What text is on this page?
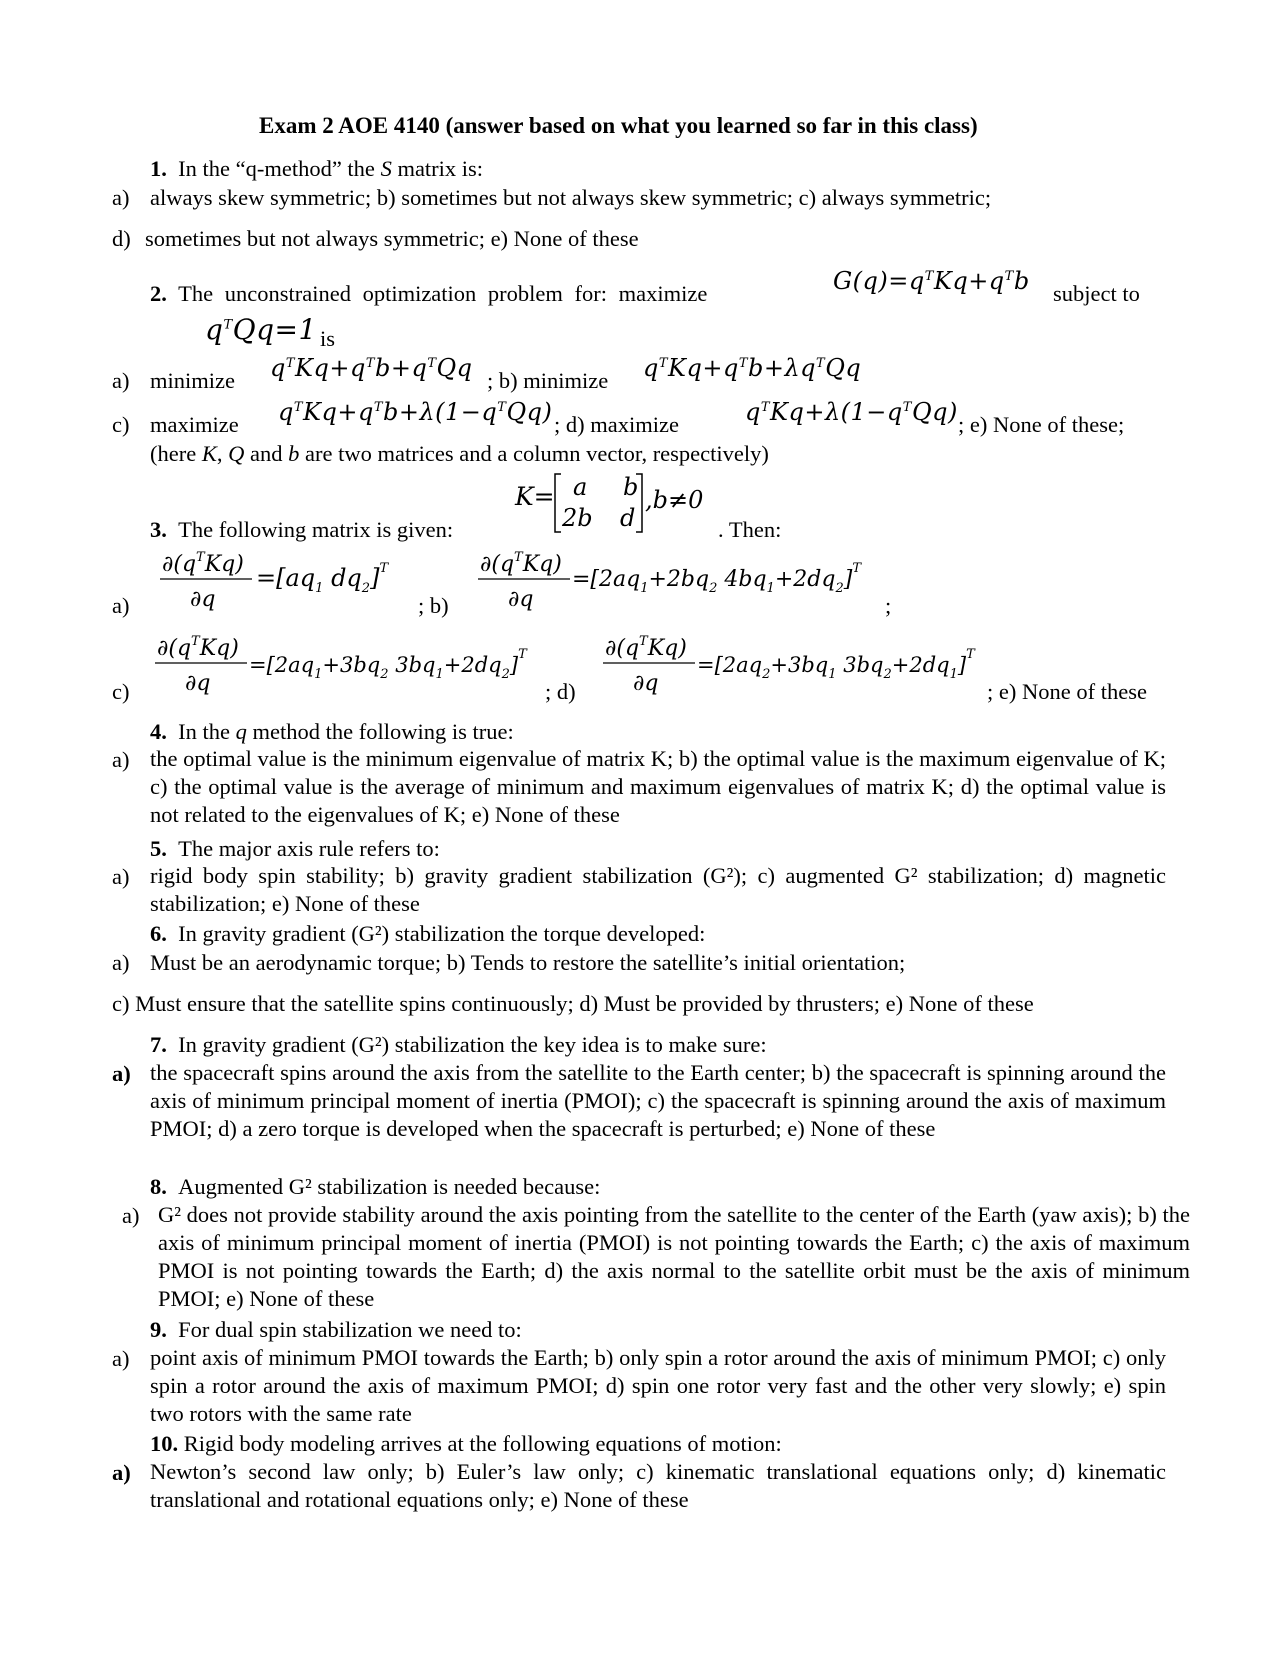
Exam 2 AOE 4140 (answer based on what you learned so far in this class)
1. In the “q-method” the S matrix is:
a) always skew symmetric; b) sometimes but not always skew symmetric; c) always symmetric;
d) sometimes but not always symmetric; e) None of these
2. The unconstrained optimization problem for: maximize	$G(q)=q^TKq+q^Tb$ subject to
$q^TQq=1$ is
a) minimize $q^TKq+q^Tb+q^TQq$ ; b) minimize $q^TKq+q^Tb+\lambda q^TQq$
c) maximize $q^TKq+q^Tb+\lambda(1-q^TQq)$ ; d) maximize	$q^TKq+\lambda(1-q^TQq)$ ; e) None of these;
(here K, Q and b are two matrices and a column vector, respectively)
3. The following matrix is given:
K= a b
2b d
,b≠0
. Then:
a)
$\partial(q^TKq)$
∂q
$=[aq_1$ $dq_2]^T$
; b)
$\partial(q^TKq)$
∂q
$=[2aq_1+2bq_2$ $4bq_1+2dq_2]^T$
;
c)
$\partial(q^TKq)$
∂q
$=[2aq_1+3bq_2$ $3bq_1+2dq_2]^T$
; d)
$\partial(q^TKq)$
∂q
$=[2aq_2+3bq_1$ $3bq_2+2dq_1]^T$
; e) None of these
4. In the q method the following is true:
a) the optimal value is the minimum eigenvalue of matrix K; b) the optimal value is the maximum eigenvalue of K; c) the optimal value is the average of minimum and maximum eigenvalues of matrix K; d) the optimal value is not related to the eigenvalues of K; e) None of these
5. The major axis rule refers to:
a) rigid body spin stability; b) gravity gradient stabilization (G²); c) augmented G² stabilization; d) magnetic stabilization; e) None of these
6. In gravity gradient (G²) stabilization the torque developed:
a) Must be an aerodynamic torque; b) Tends to restore the satellite’s initial orientation;
c) Must ensure that the satellite spins continuously; d) Must be provided by thrusters; e) None of these
7. In gravity gradient (G²) stabilization the key idea is to make sure:
a) the spacecraft spins around the axis from the satellite to the Earth center; b) the spacecraft is spinning around the axis of minimum principal moment of inertia (PMOI); c) the spacecraft is spinning around the axis of maximum PMOI; d) a zero torque is developed when the spacecraft is perturbed; e) None of these
8. Augmented G² stabilization is needed because:
a) G² does not provide stability around the axis pointing from the satellite to the center of the Earth (yaw axis); b) the axis of minimum principal moment of inertia (PMOI) is not pointing towards the Earth; c) the axis of maximum PMOI is not pointing towards the Earth; d) the axis normal to the satellite orbit must be the axis of minimum PMOI; e) None of these
9. For dual spin stabilization we need to:
a) point axis of minimum PMOI towards the Earth; b) only spin a rotor around the axis of minimum PMOI; c) only spin a rotor around the axis of maximum PMOI; d) spin one rotor very fast and the other very slowly; e) spin two rotors with the same rate
10. Rigid body modeling arrives at the following equations of motion:
a) Newton’s second law only; b) Euler’s law only; c) kinematic translational equations only; d) kinematic translational and rotational equations only; e) None of these
